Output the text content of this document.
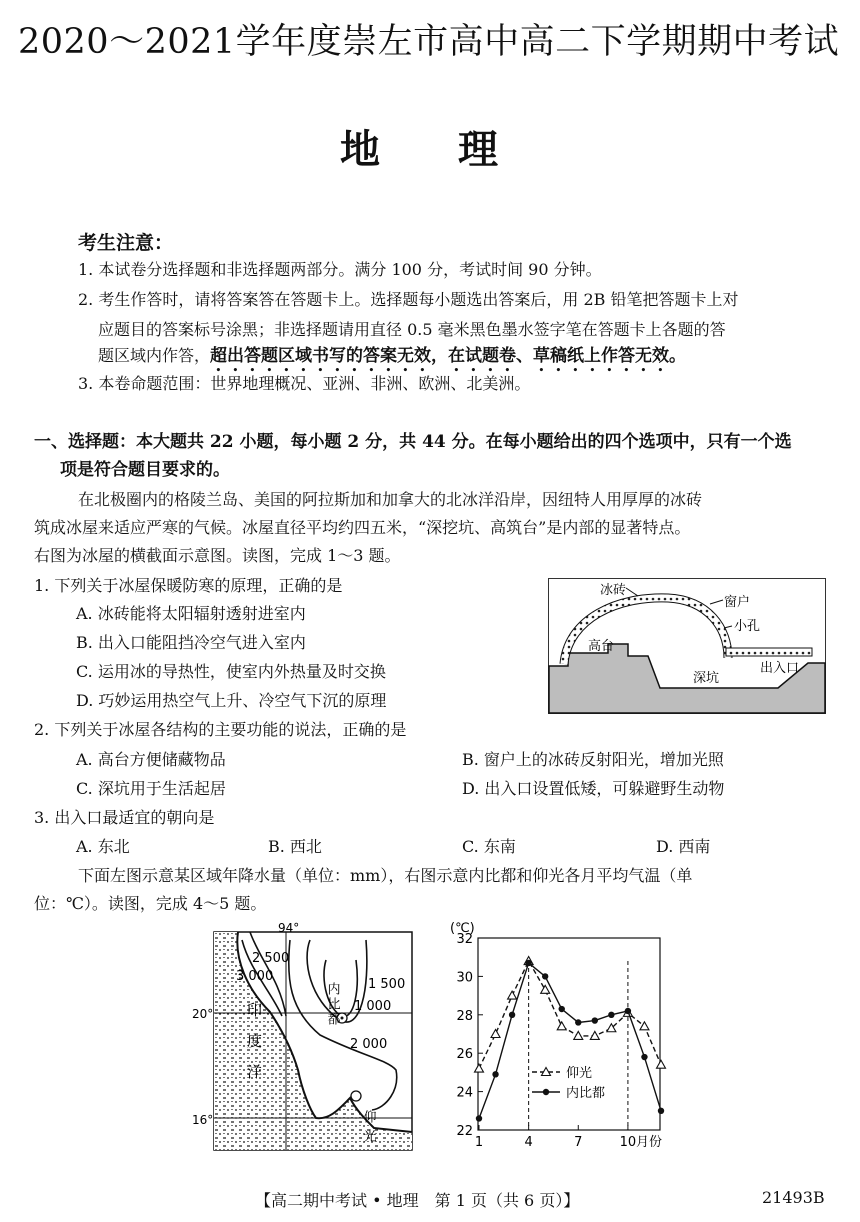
2020～2021学年度崇左市高中高二下学期期中考试
地理
考生注意：
1. 本试卷分选择题和非选择题两部分。满分 100 分，考试时间 90 分钟。
2. 考生作答时，请将答案答在答题卡上。选择题每小题选出答案后，用 2B 铅笔把答题卡上对
应题目的答案标号涂黑；非选择题请用直径 0.5 毫米黑色墨水签字笔在答题卡上各题的答
题区域内作答，超出答题区域书写的答案无效，在试题卷、草稿纸上作答无效。
3. 本卷命题范围：世界地理概况、亚洲、非洲、欧洲、北美洲。
一、选择题：本大题共 22 小题，每小题 2 分，共 44 分。在每小题给出的四个选项中，只有一个选
项是符合题目要求的。
在北极圈内的格陵兰岛、美国的阿拉斯加和加拿大的北冰洋沿岸，因纽特人用厚厚的冰砖
筑成冰屋来适应严寒的气候。冰屋直径平均约四五米，“深挖坑、高筑台”是内部的显著特点。
右图为冰屋的横截面示意图。读图，完成 1～3 题。
1. 下列关于冰屋保暖防寒的原理，正确的是
A. 冰砖能将太阳辐射透射进室内
B. 出入口能阻挡冷空气进入室内
C. 运用冰的导热性，使室内外热量及时交换
D. 巧妙运用热空气上升、冷空气下沉的原理
2. 下列关于冰屋各结构的主要功能的说法，正确的是
A. 高台方便储藏物品	B. 窗户上的冰砖反射阳光，增加光照
C. 深坑用于生活起居	D. 出入口设置低矮，可躲避野生动物
3. 出入口最适宜的朝向是
A. 东北	B. 西北	C. 东南	D. 西南
下面左图示意某区域年降水量（单位：mm），右图示意内比都和仰光各月平均气温（单
位：℃）。读图，完成 4～5 题。
冰砖
窗户
小孔
高台
出入口
深坑
94°
20°
16°
2 500
3 000
1 500
1 000
2 000
内比都
仰光
印度洋
22
24
26
28
30
32
1	4	7	10 月份
(℃)
仰光
内比都
【高二期中考试 • 地理　第 1 页（共 6 页）】	21493B
